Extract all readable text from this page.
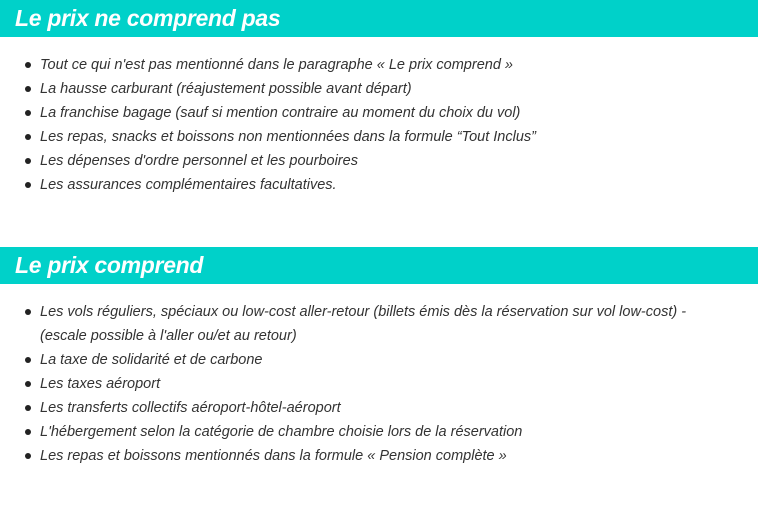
Le prix ne comprend pas
Tout ce qui n'est pas mentionné dans le paragraphe « Le prix comprend »
La hausse carburant (réajustement possible avant départ)
La franchise bagage (sauf si mention contraire au moment du choix du vol)
Les repas, snacks et boissons non mentionnées dans la formule “Tout Inclus”
Les dépenses d'ordre personnel et les pourboires
Les assurances complémentaires facultatives.
Le prix comprend
Les vols réguliers, spéciaux ou low-cost aller-retour (billets émis dès la réservation sur vol low-cost) - (escale possible à l'aller ou/et au retour)
La taxe de solidarité et de carbone
Les taxes aéroport
Les transferts collectifs aéroport-hôtel-aéroport
L'hébergement selon la catégorie de chambre choisie lors de la réservation
Les repas et boissons mentionnés dans la formule « Pension complète »
